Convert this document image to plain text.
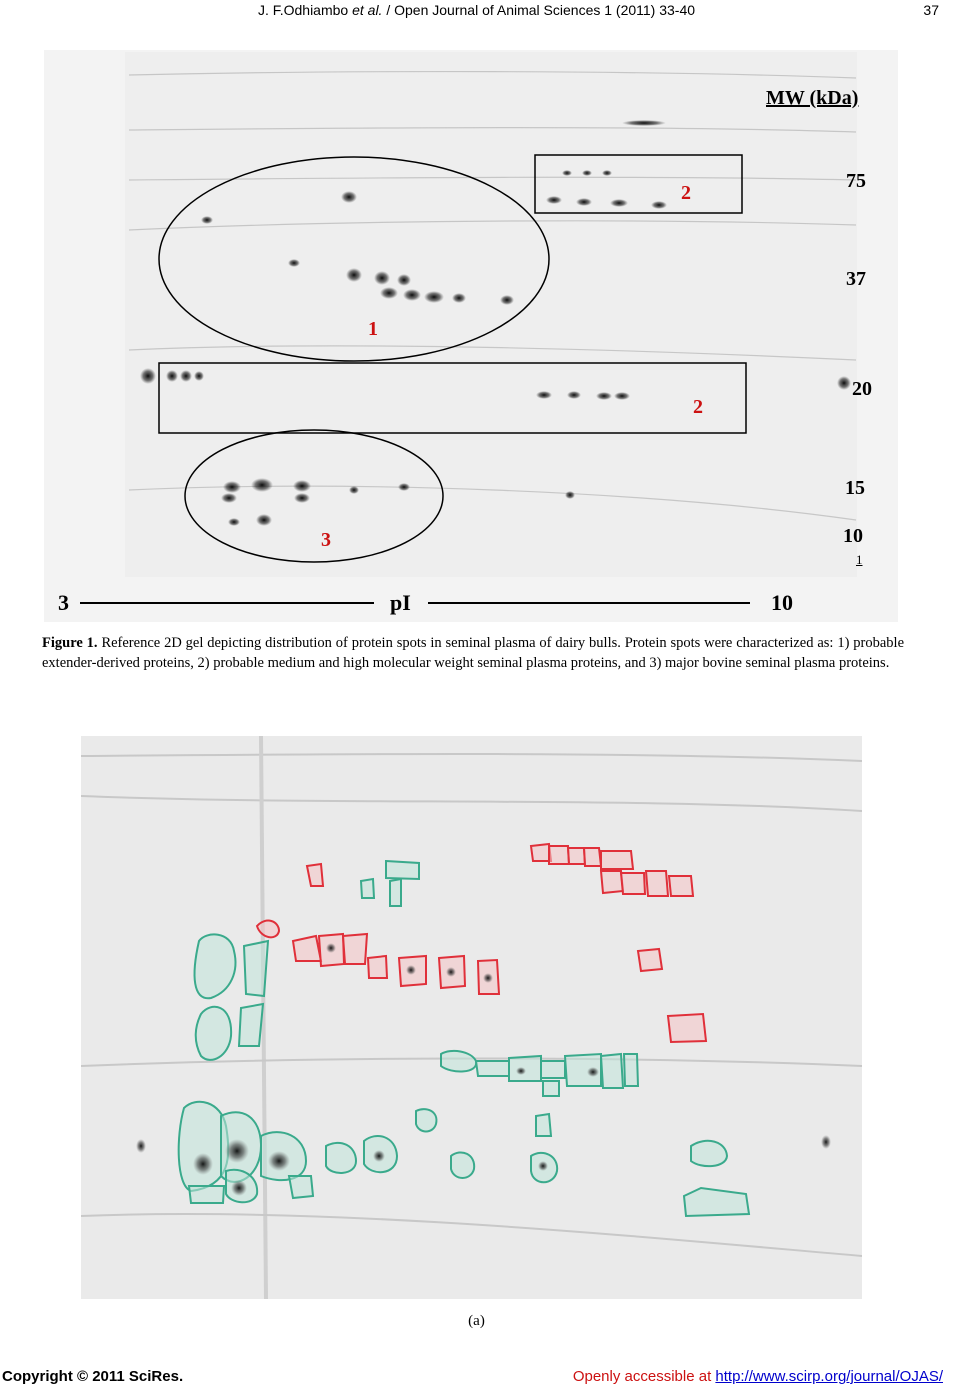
J. F.Odhiambo et al. / Open Journal of Animal Sciences 1 (2011) 33-40	37
MW (kDa)
75
37
20
15
10
1
2
1
2
3
3	pI	10
Figure 1. Reference 2D gel depicting distribution of protein spots in seminal plasma of dairy bulls. Protein spots were characterized as: 1) probable extender-derived proteins, 2) probable medium and high molecular weight seminal plasma proteins, and 3) major bovine seminal plasma proteins.
(a)
Copyright © 2011 SciRes.	Openly accessible at http://www.scirp.org/journal/OJAS/
